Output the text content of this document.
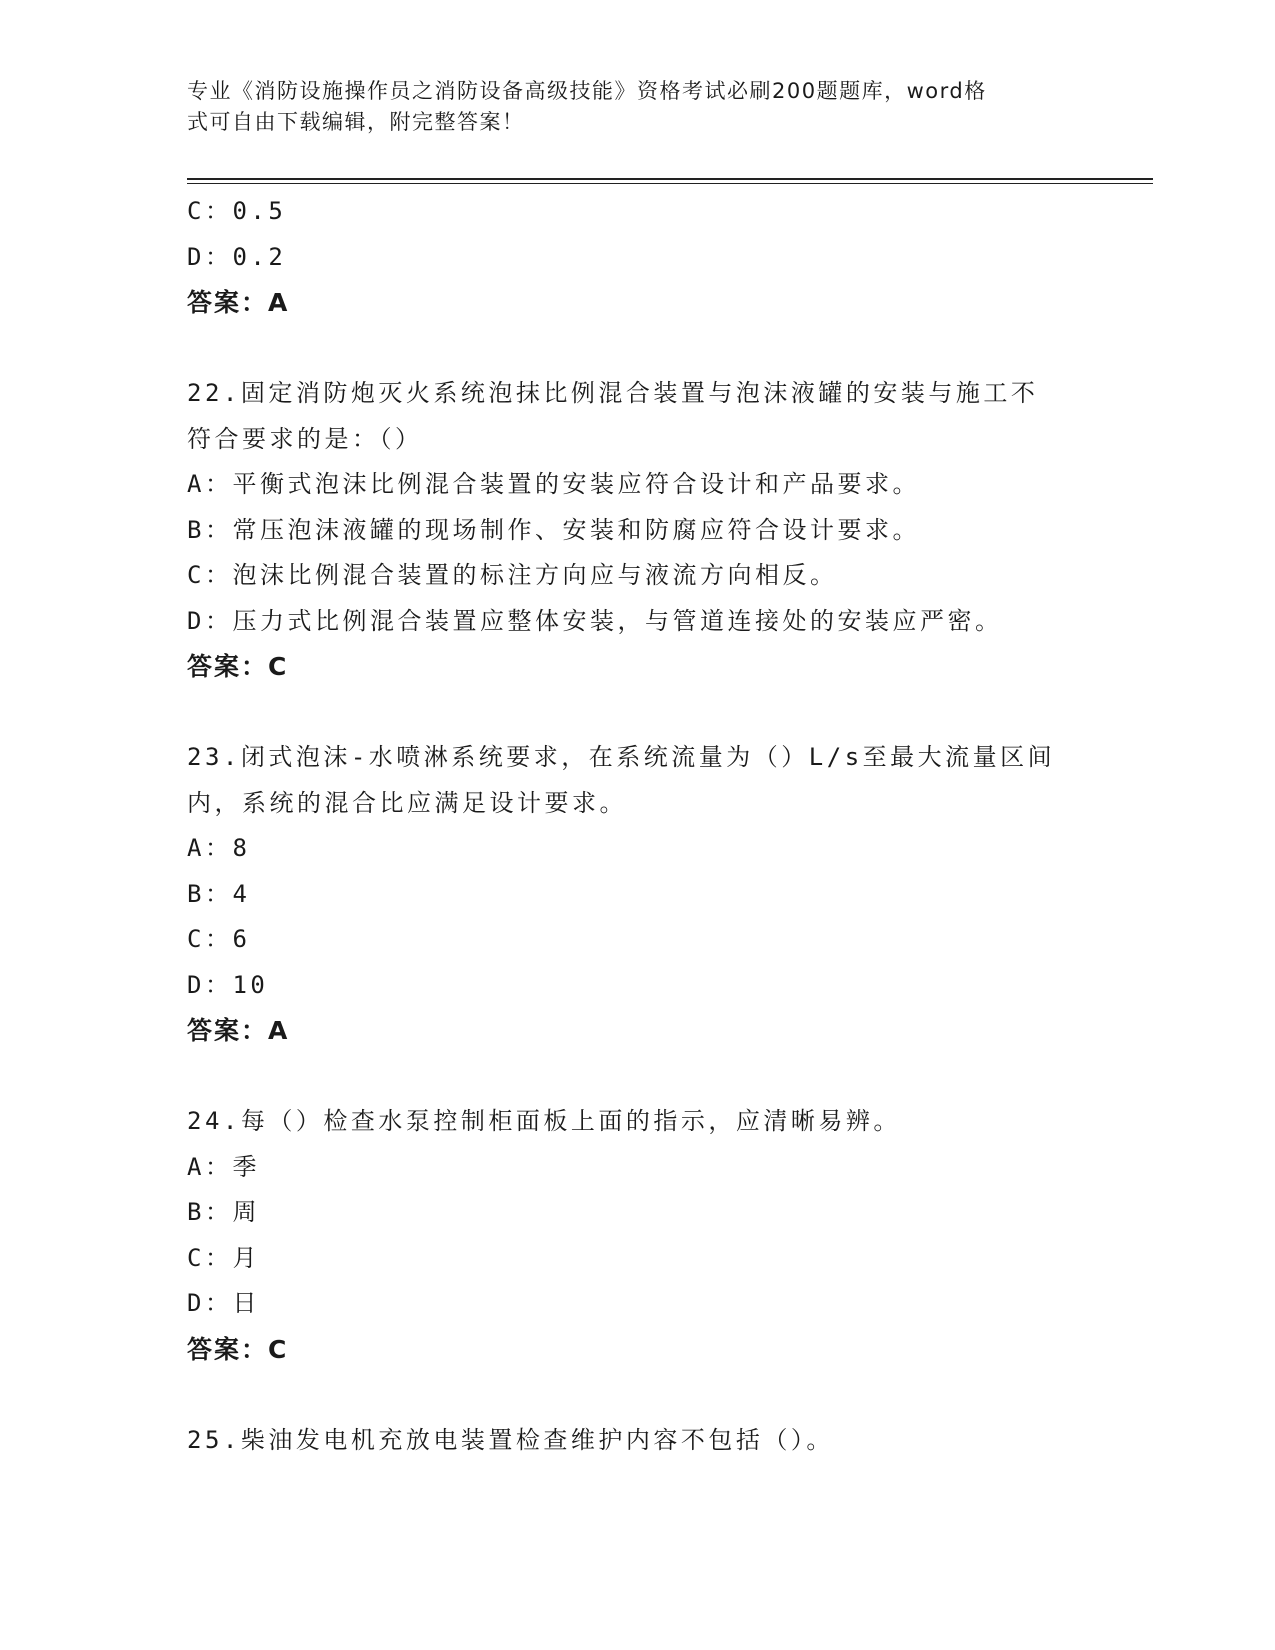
专业《消防设施操作员之消防设备高级技能》资格考试必刷200题题库，word格
式可自由下载编辑，附完整答案！
C：0.5
D：0.2
答案：A
22.固定消防炮灭火系统泡抹比例混合装置与泡沫液罐的安装与施工不
符合要求的是：（）
A：平衡式泡沫比例混合装置的安装应符合设计和产品要求。
B：常压泡沫液罐的现场制作、安装和防腐应符合设计要求。
C：泡沫比例混合装置的标注方向应与液流方向相反。
D：压力式比例混合装置应整体安装，与管道连接处的安装应严密。
答案：C
23.闭式泡沫-水喷淋系统要求，在系统流量为（）L/s至最大流量区间
内，系统的混合比应满足设计要求。
A：8
B：4
C：6
D：10
答案：A
24.每（）检查水泵控制柜面板上面的指示，应清晰易辨。
A：季
B：周
C：月
D：日
答案：C
25.柴油发电机充放电装置检查维护内容不包括（）。
